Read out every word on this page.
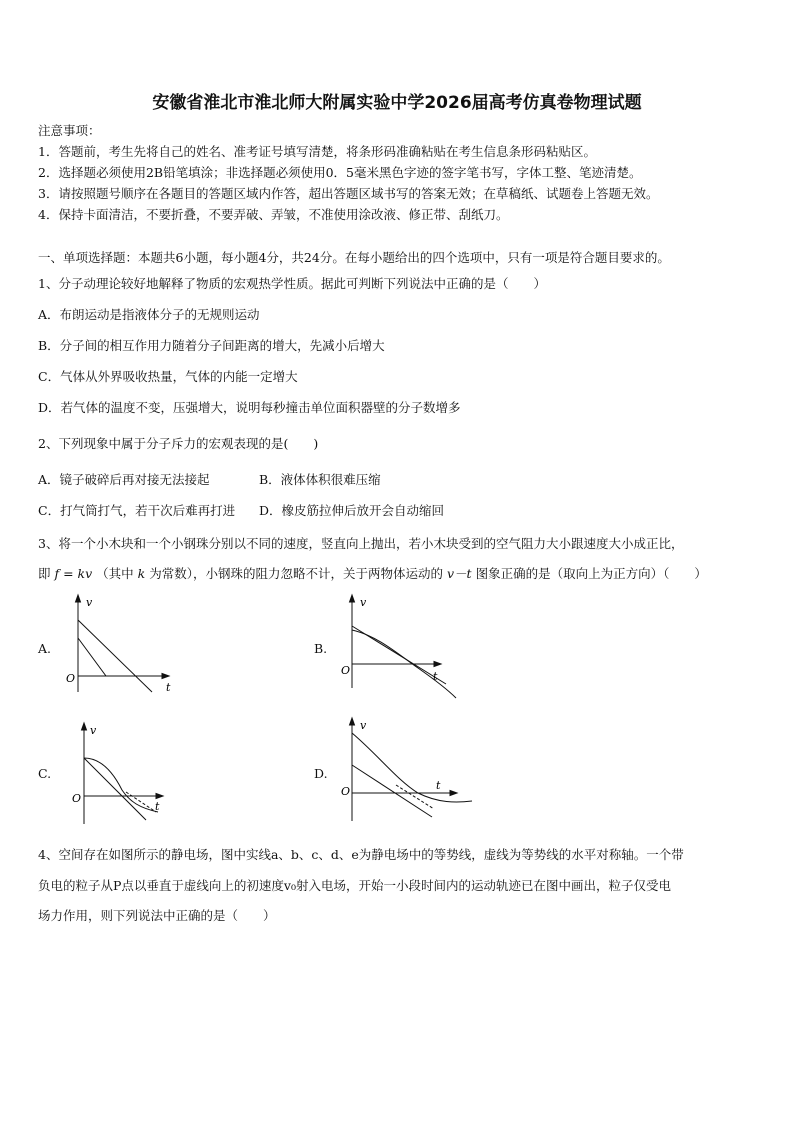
安徽省淮北市淮北师大附属实验中学2026届高考仿真卷物理试题
注意事项：
1．答题前，考生先将自己的姓名、准考证号填写清楚，将条形码准确粘贴在考生信息条形码粘贴区。
2．选择题必须使用2B铅笔填涂；非选择题必须使用0．5毫米黑色字迹的签字笔书写，字体工整、笔迹清楚。
3．请按照题号顺序在各题目的答题区域内作答，超出答题区域书写的答案无效；在草稿纸、试题卷上答题无效。
4．保持卡面清洁，不要折叠，不要弄破、弄皱，不准使用涂改液、修正带、刮纸刀。
一、单项选择题：本题共6小题，每小题4分，共24分。在每小题给出的四个选项中，只有一项是符合题目要求的。
1、分子动理论较好地解释了物质的宏观热学性质。据此可判断下列说法中正确的是（　　）
A．布朗运动是指液体分子的无规则运动
B．分子间的相互作用力随着分子间距离的增大，先减小后增大
C．气体从外界吸收热量，气体的内能一定增大
D．若气体的温度不变，压强增大，说明每秒撞击单位面积器壁的分子数增多
2、下列现象中属于分子斥力的宏观表现的是(　　)
A．镜子破碎后再对接无法接起	B．液体体积很难压缩
C．打气筒打气，若干次后难再打进 D．橡皮筋拉伸后放开会自动缩回
3、将一个小木块和一个小钢珠分别以不同的速度，竖直向上抛出，若小木块受到的空气阻力大小跟速度大小成正比，
即 f = kv （其中 k 为常数），小钢珠的阻力忽略不计，关于两物体运动的 v－t 图象正确的是（取向上为正方向）（　　）
A.	B.
C.	D.
v
O
t
v
O	t
v
O
t
v
O	t
4、空间存在如图所示的静电场，图中实线a、b、c、d、e为静电场中的等势线，虚线为等势线的水平对称轴。一个带
负电的粒子从P点以垂直于虚线向上的初速度v₀射入电场，开始一小段时间内的运动轨迹已在图中画出，粒子仅受电
场力作用，则下列说法中正确的是（　　）
